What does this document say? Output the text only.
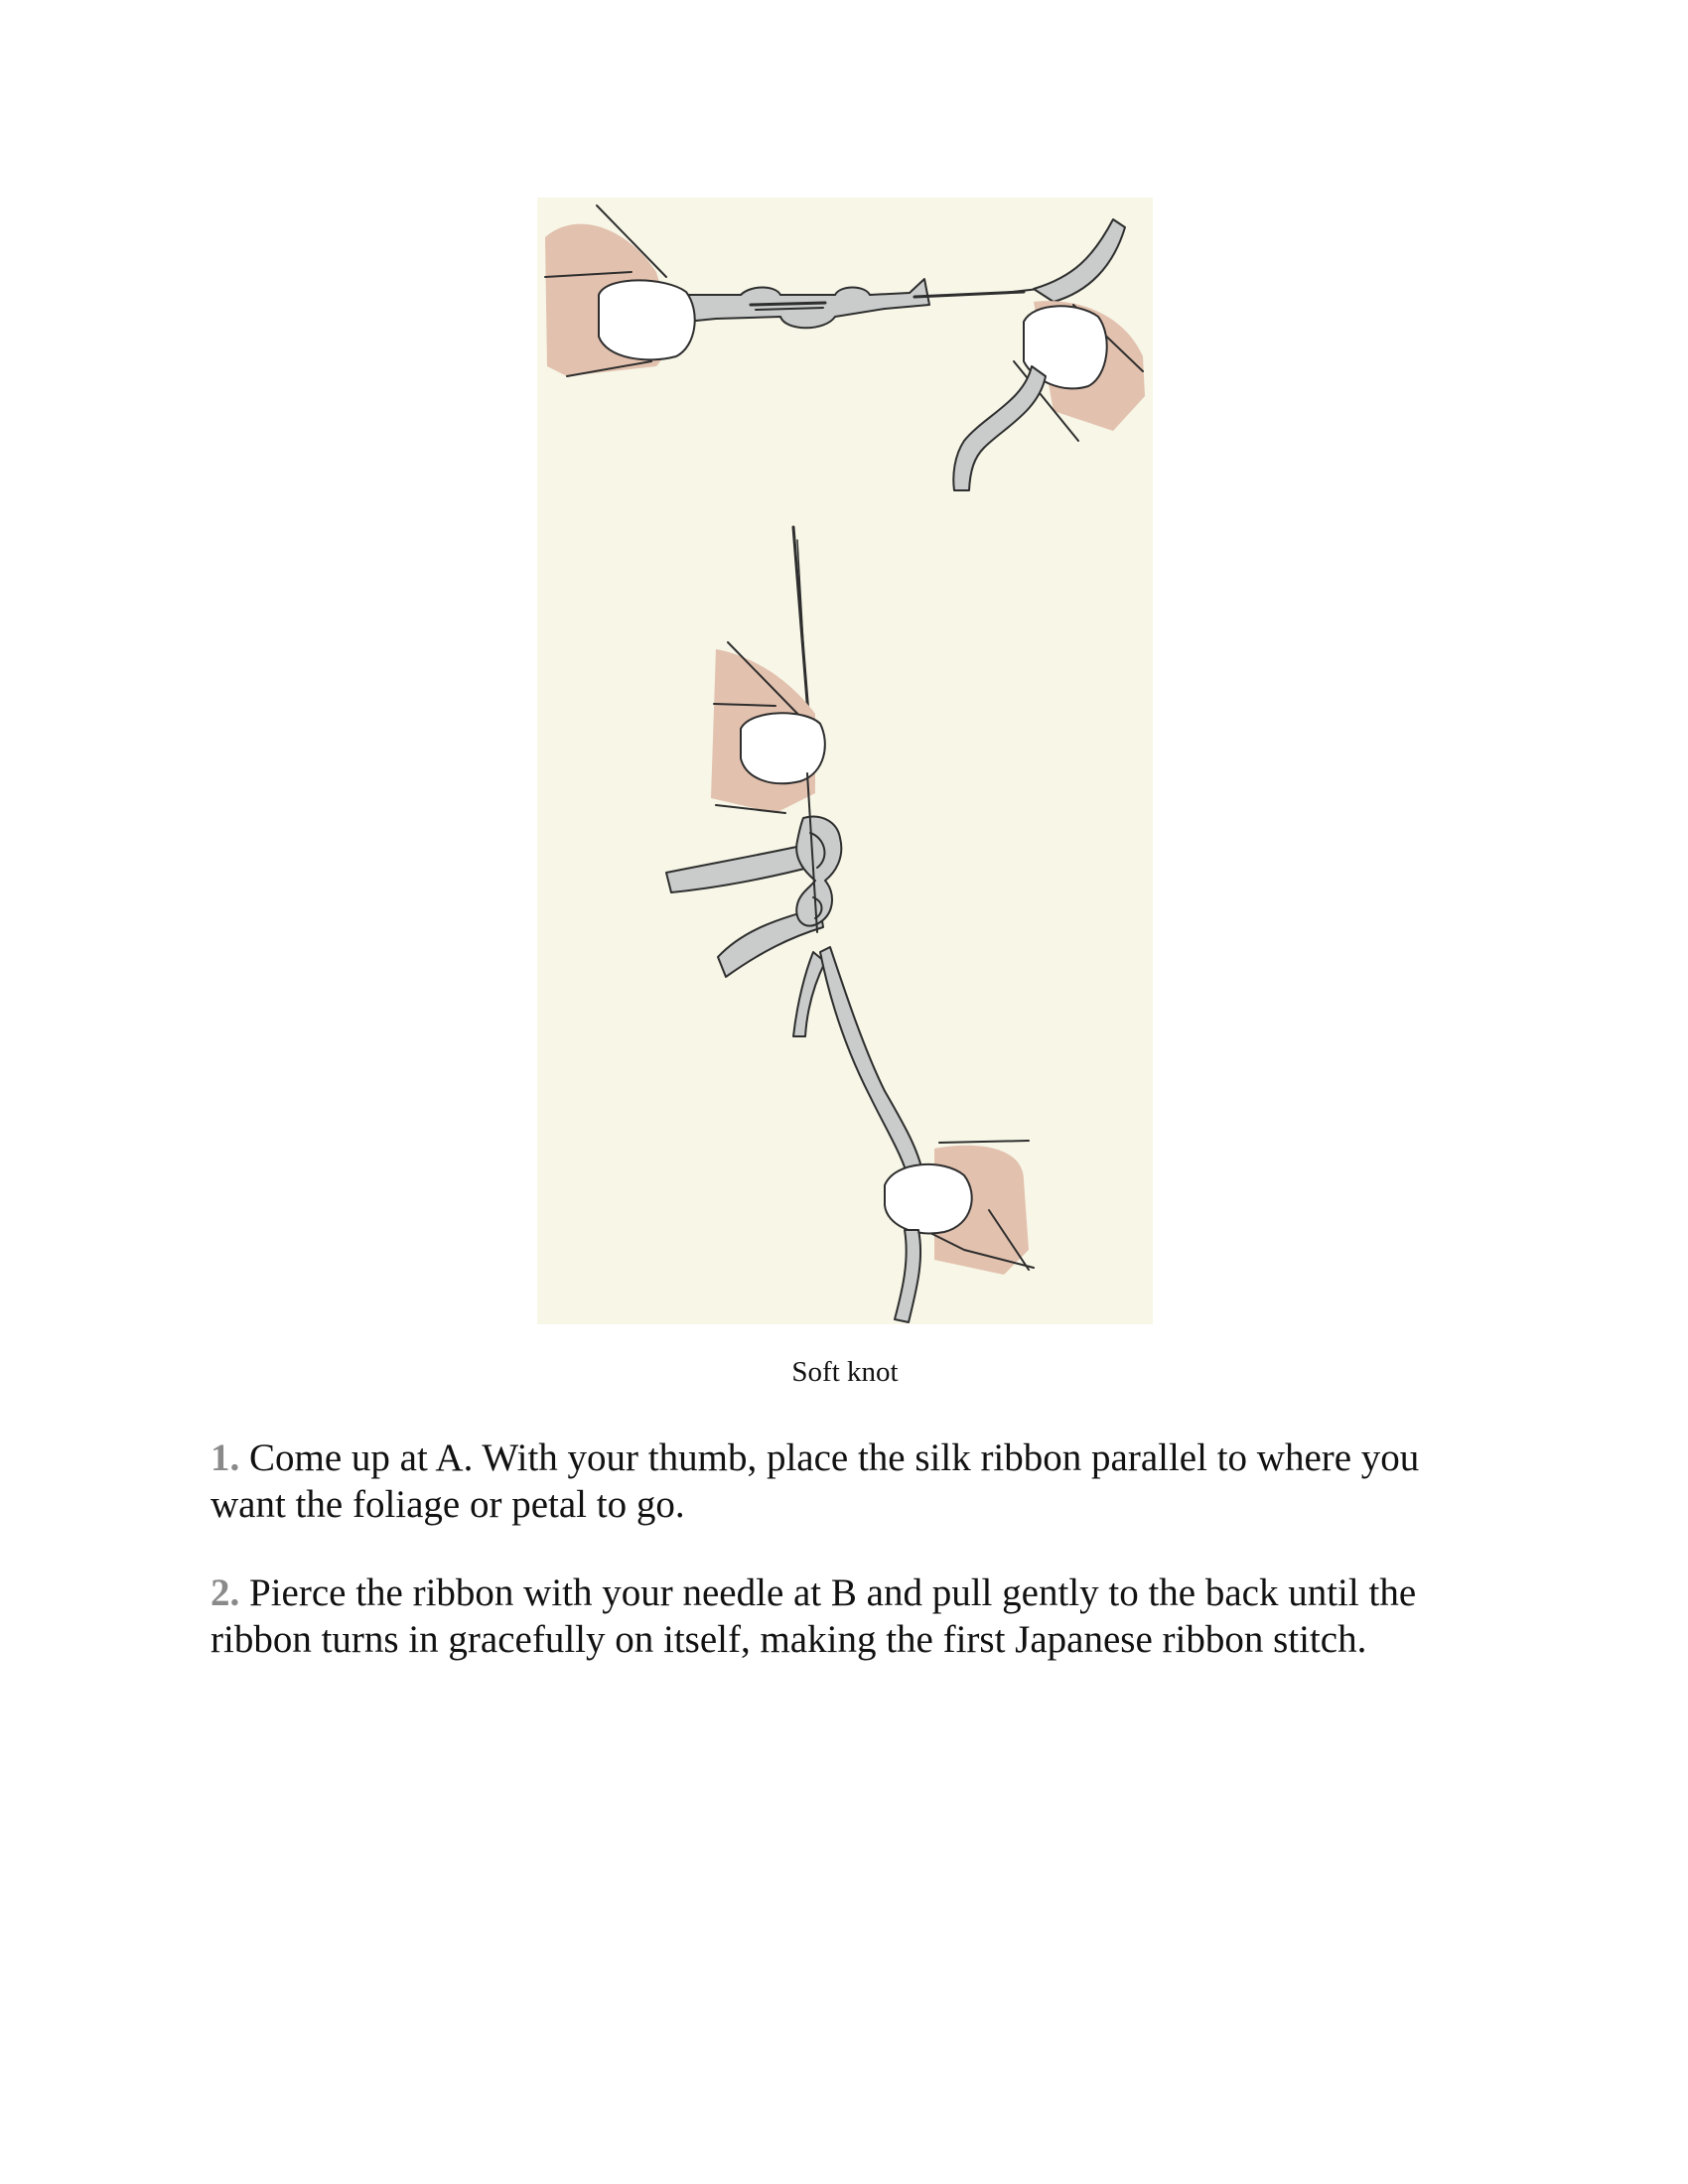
Soft knot

1. Come up at A. With your thumb, place the silk ribbon parallel to where you want the foliage or petal to go.

2. Pierce the ribbon with your needle at B and pull gently to the back until the ribbon turns in gracefully on itself, making the first Japanese ribbon stitch.
